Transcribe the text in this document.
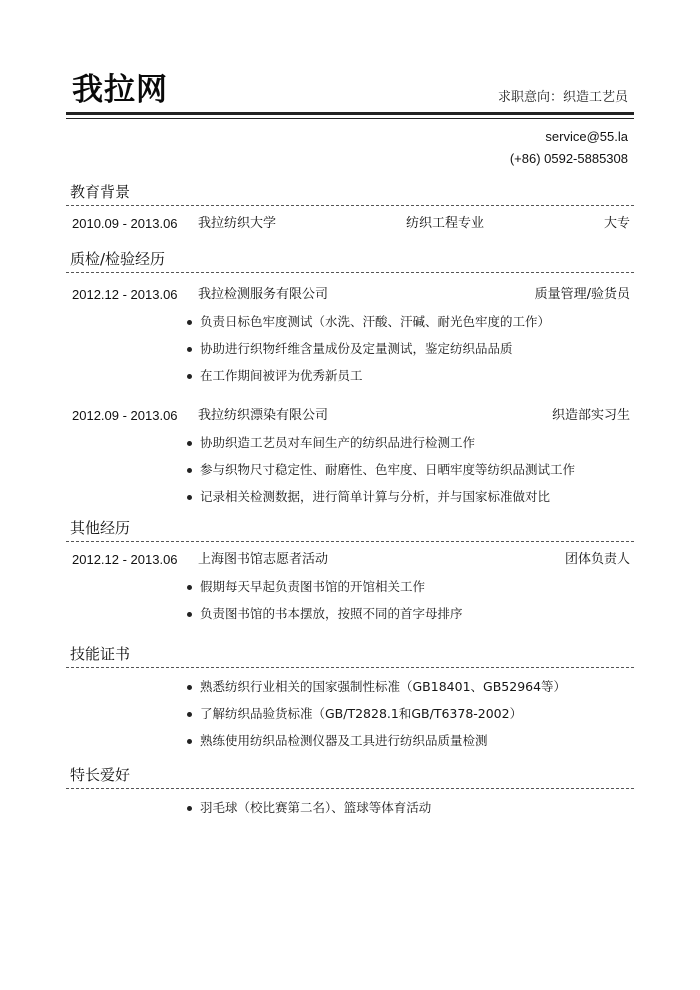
我拉网	求职意向：织造工艺员
service@55.la
(+86) 0592-5885308
教育背景
2010.09 - 2013.06 我拉纺织大学	纺织工程专业	大专
质检/检验经历
2012.12 - 2013.06 我拉检测服务有限公司	质量管理/验货员
负责日标色牢度测试（水洗、汗酸、汗碱、耐光色牢度的工作）
协助进行织物纤维含量成份及定量测试，鉴定纺织品品质
在工作期间被评为优秀新员工
2012.09 - 2013.06 我拉纺织漂染有限公司	织造部实习生
协助织造工艺员对车间生产的纺织品进行检测工作
参与织物尺寸稳定性、耐磨性、色牢度、日晒牢度等纺织品测试工作
记录相关检测数据，进行简单计算与分析，并与国家标准做对比
其他经历
2012.12 - 2013.06 上海图书馆志愿者活动	团体负责人
假期每天早起负责图书馆的开馆相关工作
负责图书馆的书本摆放，按照不同的首字母排序
技能证书
熟悉纺织行业相关的国家强制性标准（GB18401、GB52964等）
了解纺织品验货标准（GB/T2828.1和GB/T6378-2002）
熟练使用纺织品检测仪器及工具进行纺织品质量检测
特长爱好
羽毛球（校比赛第二名）、篮球等体育活动
